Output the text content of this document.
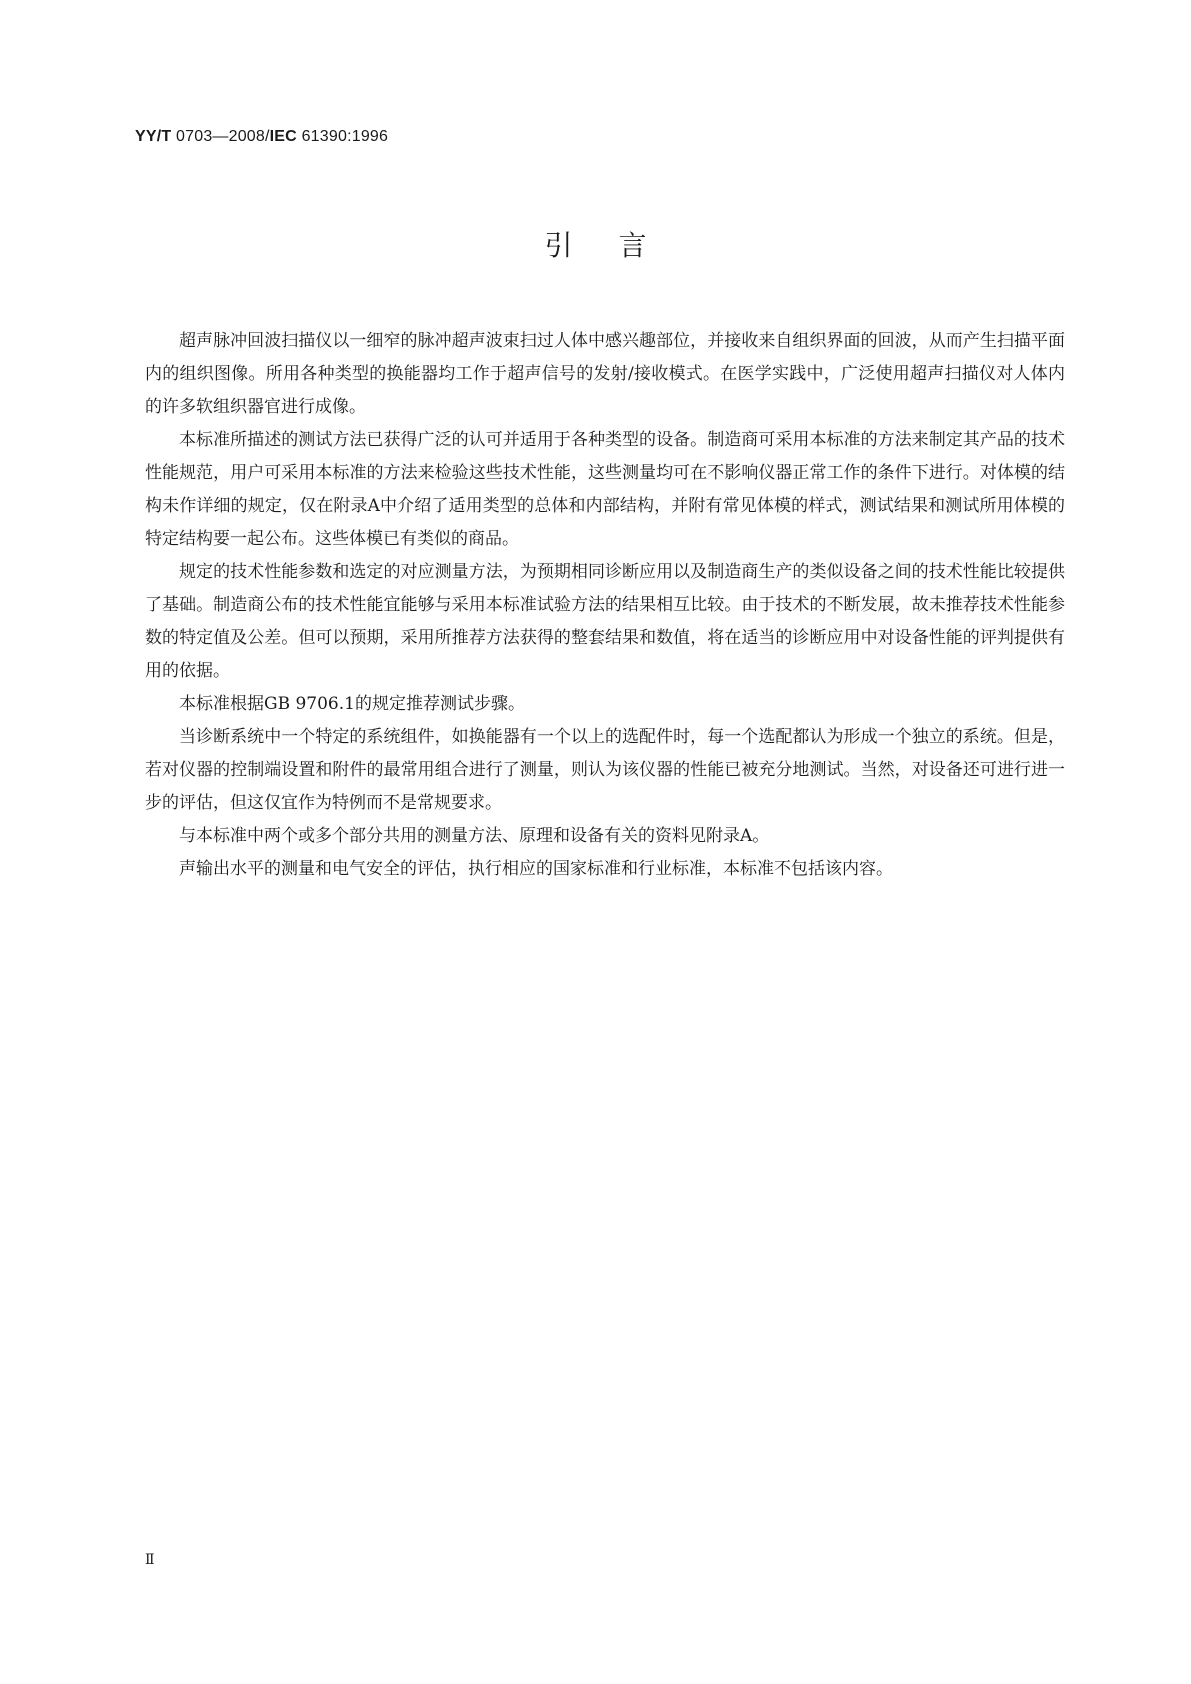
YY/T 0703—2008/IEC 61390:1996
引言

超声脉冲回波扫描仪以一细窄的脉冲超声波束扫过人体中感兴趣部位，并接收来自组织界面的回波，从而产生扫描平面内的组织图像。所用各种类型的换能器均工作于超声信号的发射/接收模式。在医学实践中，广泛使用超声扫描仪对人体内的许多软组织器官进行成像。

本标准所描述的测试方法已获得广泛的认可并适用于各种类型的设备。制造商可采用本标准的方法来制定其产品的技术性能规范，用户可采用本标准的方法来检验这些技术性能，这些测量均可在不影响仪器正常工作的条件下进行。对体模的结构未作详细的规定，仅在附录A中介绍了适用类型的总体和内部结构，并附有常见体模的样式，测试结果和测试所用体模的特定结构要一起公布。这些体模已有类似的商品。

规定的技术性能参数和选定的对应测量方法，为预期相同诊断应用以及制造商生产的类似设备之间的技术性能比较提供了基础。制造商公布的技术性能宜能够与采用本标准试验方法的结果相互比较。由于技术的不断发展，故未推荐技术性能参数的特定值及公差。但可以预期，采用所推荐方法获得的整套结果和数值，将在适当的诊断应用中对设备性能的评判提供有用的依据。

本标准根据GB 9706.1的规定推荐测试步骤。

当诊断系统中一个特定的系统组件，如换能器有一个以上的选配件时，每一个选配都认为形成一个独立的系统。但是，若对仪器的控制端设置和附件的最常用组合进行了测量，则认为该仪器的性能已被充分地测试。当然，对设备还可进行进一步的评估，但这仅宜作为特例而不是常规要求。

与本标准中两个或多个部分共用的测量方法、原理和设备有关的资料见附录A。

声输出水平的测量和电气安全的评估，执行相应的国家标准和行业标准，本标准不包括该内容。

Ⅱ
